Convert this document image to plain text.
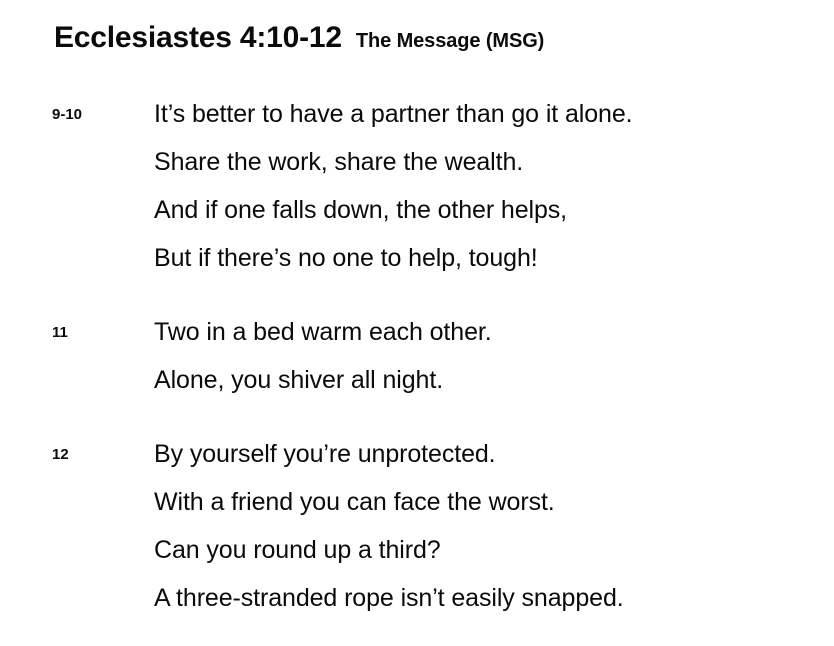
Ecclesiastes 4:10-12 The Message (MSG)
9-10	It’s better to have a partner than go it alone.
Share the work, share the wealth.
And if one falls down, the other helps,
But if there’s no one to help, tough!
11	Two in a bed warm each other.
Alone, you shiver all night.
12	By yourself you’re unprotected.
With a friend you can face the worst.
Can you round up a third?
A three-stranded rope isn’t easily snapped.
